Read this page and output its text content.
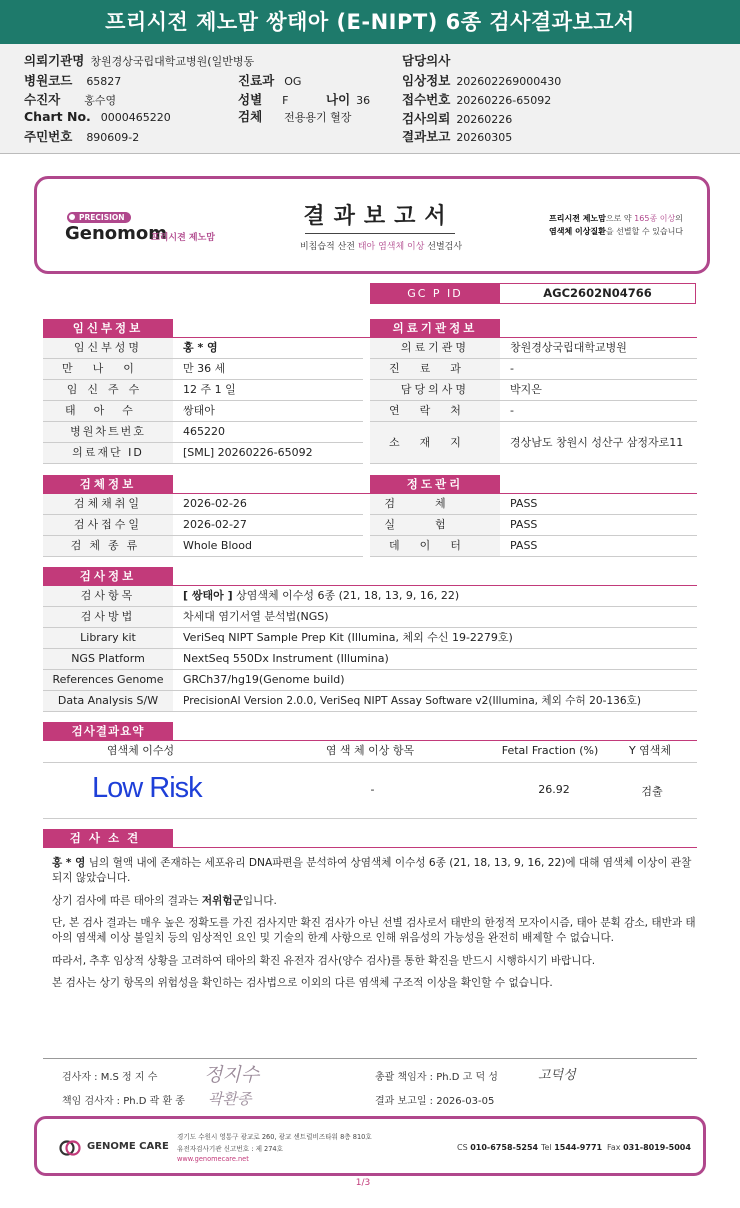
프리시전 제노맘 쌍태아 (E-NIPT) 6종 검사결과보고서
의뢰기관명 창원경상국립대학교병원(일반병동
병원코드 65827
수진자 홍수영
Chart No. 0000465220
주민번호 890609-2
진료과 OG
성별 F	나이 36
검체 전용용기 혈장
담당의사
임상정보 202602269000430
접수번호 20260226-65092
검사의뢰 20260226
결과보고 20260305
PRECISION
Genomom
프리시젼 제노맘
결과보고서
비침습적 산전 태아 염색체 이상 선별검사
프리시젼 제노맘으로 약 165종 이상의
염색체 이상질환을 선별할 수 있습니다
GC P ID	AGC2602N04766
임신부정보	의료기관정보
임신부성명	홍 * 영
만나이	만 36 세
임신주수	12 주 1 일
태아수	쌍태아
병원차트번호	465220
의료재단 ID	[SML] 20260226-65092
의료기관명	창원경상국립대학교병원
진료과	-
담당의사명	박지은
연락처	-
소재지	경상남도 창원시 성산구 삼정자로11
검체정보	정도관리
검체채취일	2026-02-26
검사접수일	2026-02-27
검체종류	Whole Blood
검체	PASS
실험	PASS
데이터	PASS
검사정보
검사항목	[ 쌍태아 ] 상염색체 이수성 6종 (21, 18, 13, 9, 16, 22)
검사방법	차세대 염기서열 분석법(NGS)
Library kit	VeriSeq NIPT Sample Prep Kit (Illumina, 체외 수신 19-2279호)
NGS Platform	NextSeq 550Dx Instrument (Illumina)
References Genome	GRCh37/hg19(Genome build)
Data Analysis S/W	PrecisionAI Version 2.0.0, VeriSeq NIPT Assay Software v2(Illumina, 체외 수허 20-136호)
검사결과요약
염색체 이수성	염 색 체 이상 항목	Fetal Fraction (%)	Y 염색체
Low Risk	-	26.92	검출
검사소견
홍 * 영 님의 혈액 내에 존재하는 세포유리 DNA파편을 분석하여 상염색체 이수성 6종 (21, 18, 13, 9, 16, 22)에 대해 염색체 이상이 관찰되지 않았습니다.
상기 검사에 따른 태아의 결과는 저위험군입니다.
단, 본 검사 결과는 매우 높은 정확도를 가진 검사지만 확진 검사가 아닌 선별 검사로서 태반의 한정적 모자이시즘, 태아 분획 감소, 태반과 태아의 염색체 이상 불일치 등의 임상적인 요인 및 기술의 한계 사항으로 인해 위음성의 가능성을 완전히 배제할 수 없습니다.
따라서, 추후 임상적 상황을 고려하여 태아의 확진 유전자 검사(양수 검사)를 통한 확진을 반드시 시행하시기 바랍니다.
본 검사는 상기 항목의 위험성을 확인하는 검사법으로 이외의 다른 염색체 구조적 이상을 확인할 수 없습니다.
검사자 : M.S 정 지 수 정지수
책임 검사자 : Ph.D 곽 환 종 곽환종
총괄 책임자 : Ph.D 고 덕 성	고덕성
결과 보고일 : 2026-03-05
GENOME CARE
경기도 수원시 영통구 광교로 260, 광교 센트럴비즈타워 8층 810호
유전자검사기관 신고번호 : 제 274호
www.genomecare.net
CS 010-6758-5254 Tel 1544-9771 Fax 031-8019-5004
1/3
